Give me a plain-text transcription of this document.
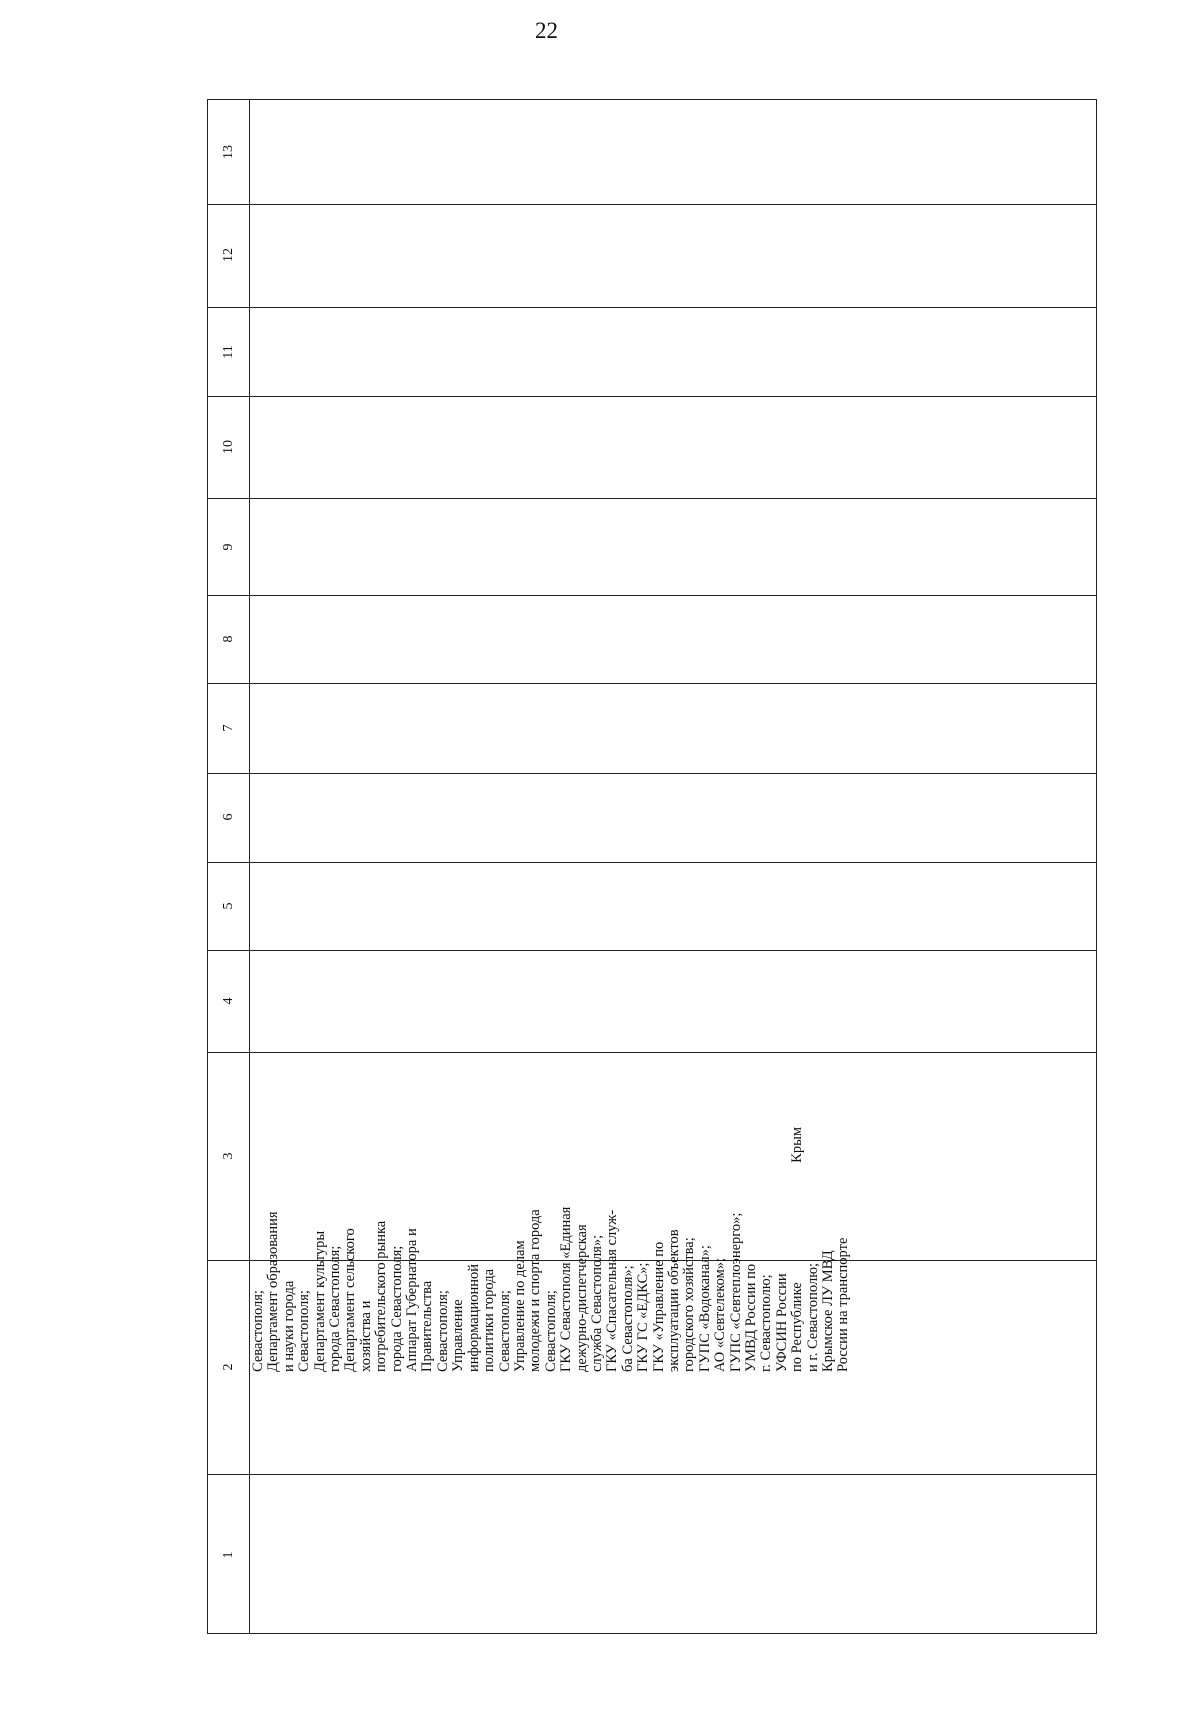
22
1
2
3
4
5
6
7
8
9
10
11
12
13
Севастополя; Департамент образования и науки города Севастополя; Департамент культуры города Севастополя; Департамент сельского хозяйства и потребительского рынка города Севастополя; Аппарат Губернатора и Правительства Севастополя; Управление информационной политики города Севастополя; Управление по делам молодежи и спорта города Севастополя; ГКУ Севастополя «Единая дежурно-диспетчерская служба Севастополя»; ГКУ «Спасательная служ- ба Севастополя»; ГКУ ГС «ЕДКС»; ГКУ «Управление по эксплуатации объектов городского хозяйства; ГУПС «Водоканал»; АО «Севтелеком»; ГУПС «Севтеплоэнерго»; УМВД России по г. Севастополю; УФСИН России по Республике
Крым
и г. Севастополю; Крымское ЛУ МВД России на транспорте
